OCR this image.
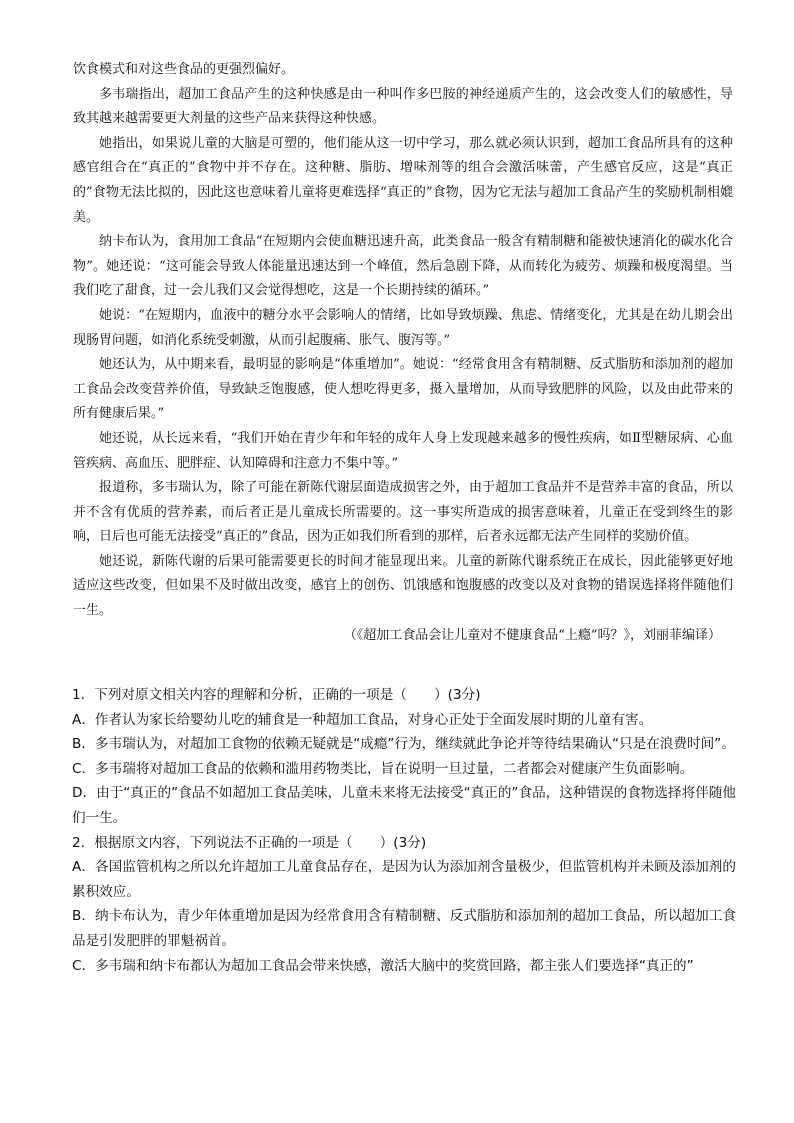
饮食模式和对这些食品的更强烈偏好。

多韦瑞指出，超加工食品产生的这种快感是由一种叫作多巴胺的神经递质产生的，这会改变人们的敏感性，导致其越来越需要更大剂量的这些产品来获得这种快感。

她指出，如果说儿童的大脑是可塑的，他们能从这一切中学习，那么就必须认识到，超加工食品所具有的这种感官组合在“真正的”食物中并不存在。这种糖、脂肪、增味剂等的组合会激活味蕾，产生感官反应，这是“真正的”食物无法比拟的，因此这也意味着儿童将更难选择“真正的”食物，因为它无法与超加工食品产生的奖励机制相媲美。

纳卡布认为，食用加工食品“在短期内会使血糖迅速升高，此类食品一般含有精制糖和能被快速消化的碳水化合物”。她还说：“这可能会导致人体能量迅速达到一个峰值，然后急剧下降，从而转化为疲劳、烦躁和极度渴望。当我们吃了甜食，过一会儿我们又会觉得想吃，这是一个长期持续的循环。”

她说：“在短期内，血液中的糖分水平会影响人的情绪，比如导致烦躁、焦虑、情绪变化，尤其是在幼儿期会出现肠胃问题，如消化系统受刺激，从而引起腹痛、胀气、腹泻等。”

她还认为，从中期来看，最明显的影响是“体重增加”。她说：“经常食用含有精制糖、反式脂肪和添加剂的超加工食品会改变营养价值，导致缺乏饱腹感，使人想吃得更多，摄入量增加，从而导致肥胖的风险，以及由此带来的所有健康后果。”

她还说，从长远来看，“我们开始在青少年和年轻的成年人身上发现越来越多的慢性疾病，如Ⅱ型糖尿病、心血管疾病、高血压、肥胖症、认知障碍和注意力不集中等。”

报道称，多韦瑞认为，除了可能在新陈代谢层面造成损害之外，由于超加工食品并不是营养丰富的食品，所以并不含有优质的营养素，而后者正是儿童成长所需要的。这一事实所造成的损害意味着，儿童正在受到终生的影响，日后也可能无法接受“真正的”食品，因为正如我们所看到的那样，后者永远都无法产生同样的奖励价值。

她还说，新陈代谢的后果可能需要更长的时间才能显现出来。儿童的新陈代谢系统正在成长，因此能够更好地适应这些改变，但如果不及时做出改变，感官上的创伤、饥饿感和饱腹感的改变以及对食物的错误选择将伴随他们一生。

（《超加工食品会让儿童对不健康食品“上瘾”吗？》，刘丽菲编译）

1．下列对原文相关内容的理解和分析，正确的一项是（　　）(3分)

A．作者认为家长给婴幼儿吃的辅食是一种超加工食品，对身心正处于全面发展时期的儿童有害。

B．多韦瑞认为，对超加工食物的依赖无疑就是“成瘾”行为，继续就此争论并等待结果确认“只是在浪费时间”。

C．多韦瑞将对超加工食品的依赖和滥用药物类比，旨在说明一旦过量，二者都会对健康产生负面影响。

D．由于“真正的”食品不如超加工食品美味，儿童未来将无法接受“真正的”食品，这种错误的食物选择将伴随他们一生。

2．根据原文内容，下列说法不正确的一项是（　　）(3分)

A．各国监管机构之所以允许超加工儿童食品存在，是因为认为添加剂含量极少，但监管机构并未顾及添加剂的累积效应。

B．纳卡布认为，青少年体重增加是因为经常食用含有精制糖、反式脂肪和添加剂的超加工食品，所以超加工食品是引发肥胖的罪魁祸首。

C．多韦瑞和纳卡布都认为超加工食品会带来快感，激活大脑中的奖赏回路，都主张人们要选择“真正的”
